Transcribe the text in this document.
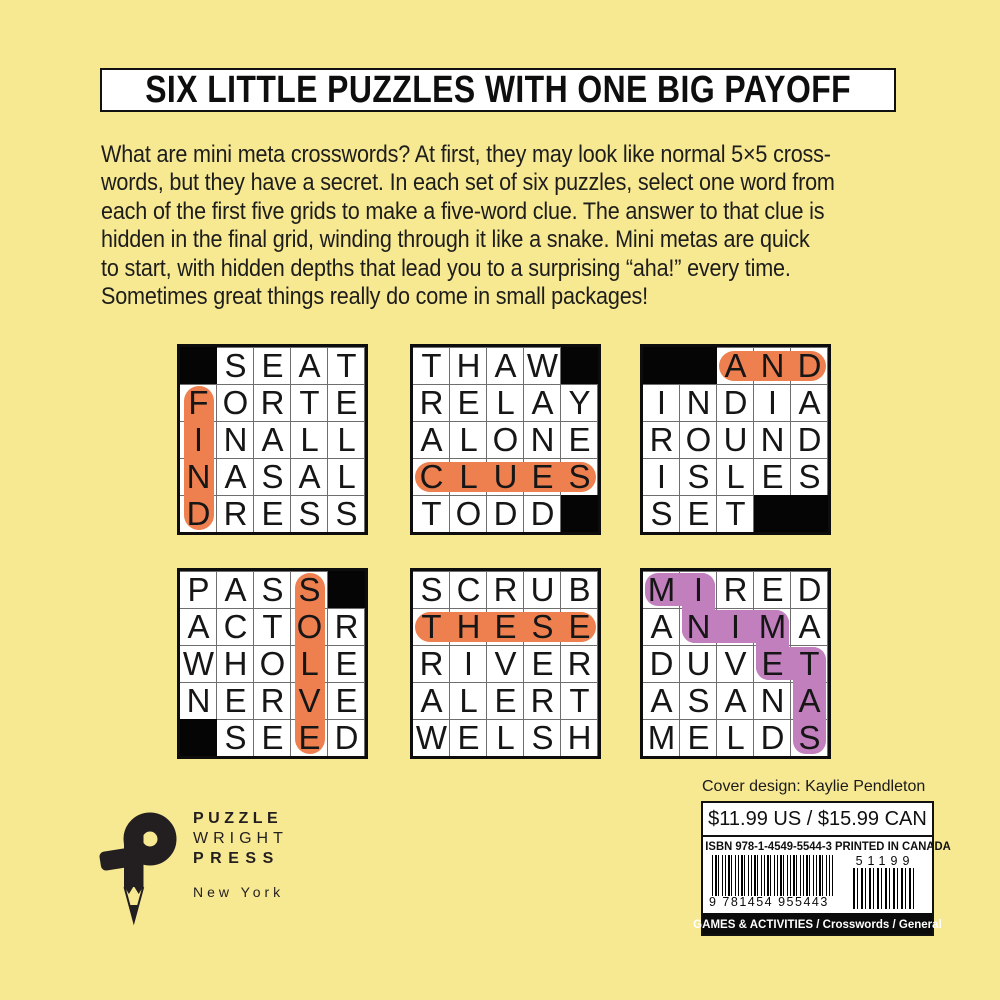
SIX LITTLE PUZZLES WITH ONE BIG PAYOFF
What are mini meta crosswords? At first, they may look like normal 5×5 cross-
words, but they have a secret. In each set of six puzzles, select one word from
each of the first five grids to make a five-word clue. The answer to that clue is
hidden in the final grid, winding through it like a snake. Mini metas are quick
to start, with hidden depths that lead you to a surprising “aha!” every time.
Sometimes great things really do come in small packages!
S E A T
F O R T E
I N A L L
N A S A L
D R E S S
T H A W
R E L A Y
A L O N E
C L U E S
T O D D
A N D
I N D I A
R O U N D
I S L E S
S E T
P A S S
A C T O R
W H O L E
N E R V E
S E E D
S C R U B
T H E S E
R I V E R
A L E R T
W E L S H
M I R E D
A N I M A
D U V E T
A S A N A
M E L D S
PUZZLE
WRIGHT
PRESS
New York
Cover design: Kaylie Pendleton
$11.99 US / $15.99 CAN
ISBN 978-1-4549-5544-3 PRINTED IN CANADA
9 781454 955443
51199
GAMES & ACTIVITIES / Crosswords / General
